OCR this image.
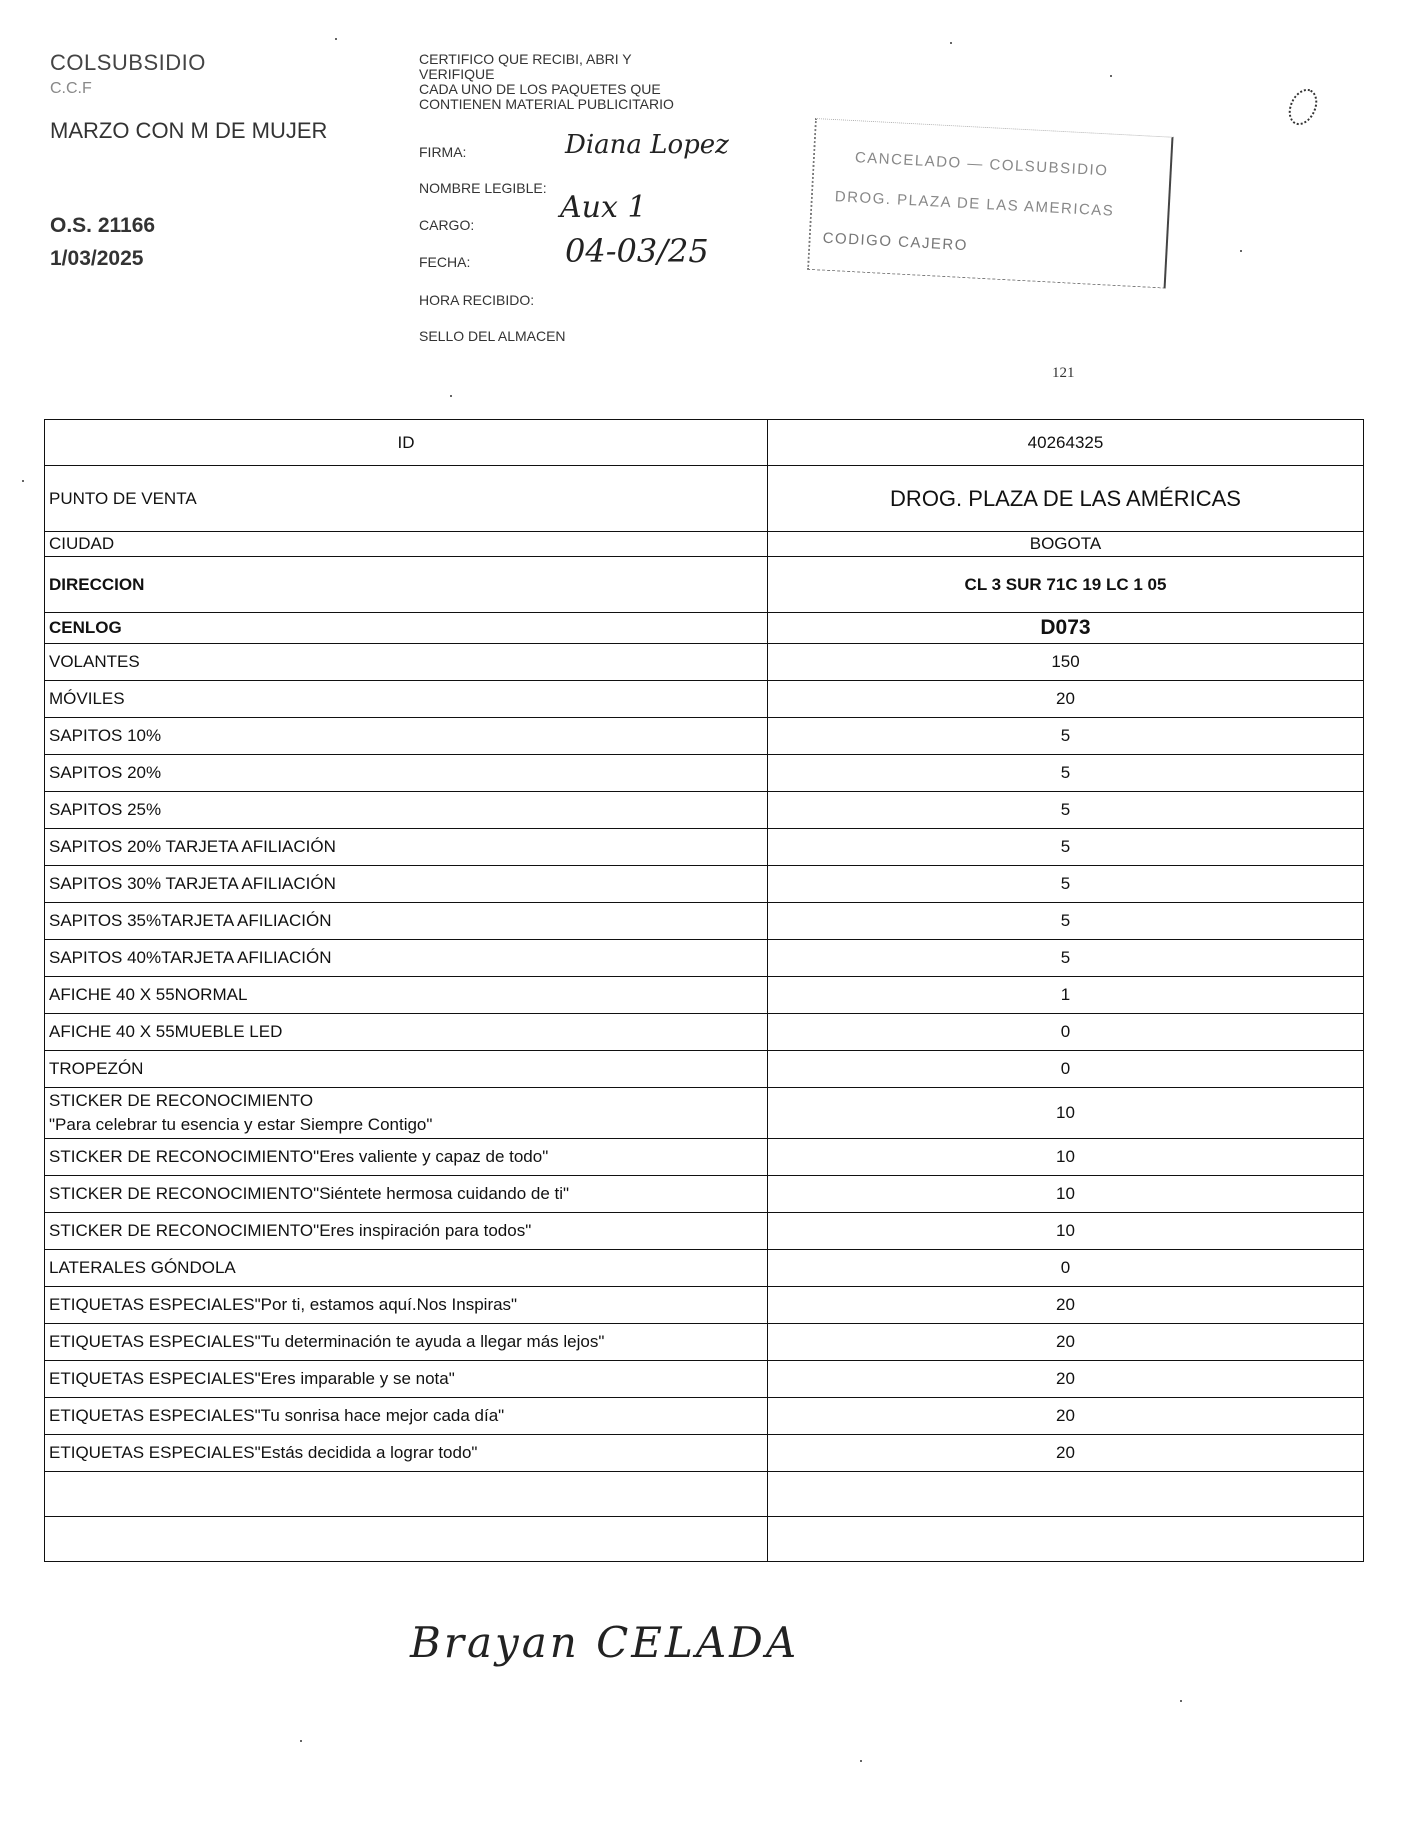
COLSUBSIDIO
C.C.F
MARZO CON M DE MUJER
O.S. 21166
1/03/2025
CERTIFICO QUE RECIBI, ABRI Y
VERIFIQUE
CADA UNO DE LOS PAQUETES QUE
CONTIENEN MATERIAL PUBLICITARIO
FIRMA:	Diana Lopez
NOMBRE LEGIBLE:
CARGO:	Aux 1
FECHA:	04-03/25
HORA RECIBIDO:
SELLO DEL ALMACEN
CANCELADO — COLSUBSIDIO
DROG. PLAZA DE LAS AMERICAS
CODIGO CAJERO
121
ID	40264325
PUNTO DE VENTA	DROG. PLAZA DE LAS AMÉRICAS
CIUDAD	BOGOTA
DIRECCION	CL 3 SUR 71C 19 LC 1 05
CENLOG	D073
VOLANTES	150
MÓVILES	20
SAPITOS 10%	5
SAPITOS 20%	5
SAPITOS 25%	5
SAPITOS 20% TARJETA AFILIACIÓN	5
SAPITOS 30% TARJETA AFILIACIÓN	5
SAPITOS 35%TARJETA AFILIACIÓN	5
SAPITOS 40%TARJETA AFILIACIÓN	5
AFICHE 40 X 55NORMAL	1
AFICHE 40 X 55MUEBLE LED	0
TROPEZÓN	0

STICKER DE RECONOCIMIENTO
"Para celebrar tu esencia y estar Siempre Contigo"	10
STICKER DE RECONOCIMIENTO"Eres valiente y capaz de todo"	10
STICKER DE RECONOCIMIENTO"Siéntete hermosa cuidando de ti"	10
STICKER DE RECONOCIMIENTO"Eres inspiración para todos"	10
LATERALES GÓNDOLA	0
ETIQUETAS ESPECIALES"Por ti, estamos aquí.Nos Inspiras"	20
ETIQUETAS ESPECIALES"Tu determinación te ayuda a llegar más lejos"	20
ETIQUETAS ESPECIALES"Eres imparable y se nota"	20
ETIQUETAS ESPECIALES"Tu sonrisa hace mejor cada día"	20
ETIQUETAS ESPECIALES"Estás decidida a lograr todo"	20

Brayan CELADA
